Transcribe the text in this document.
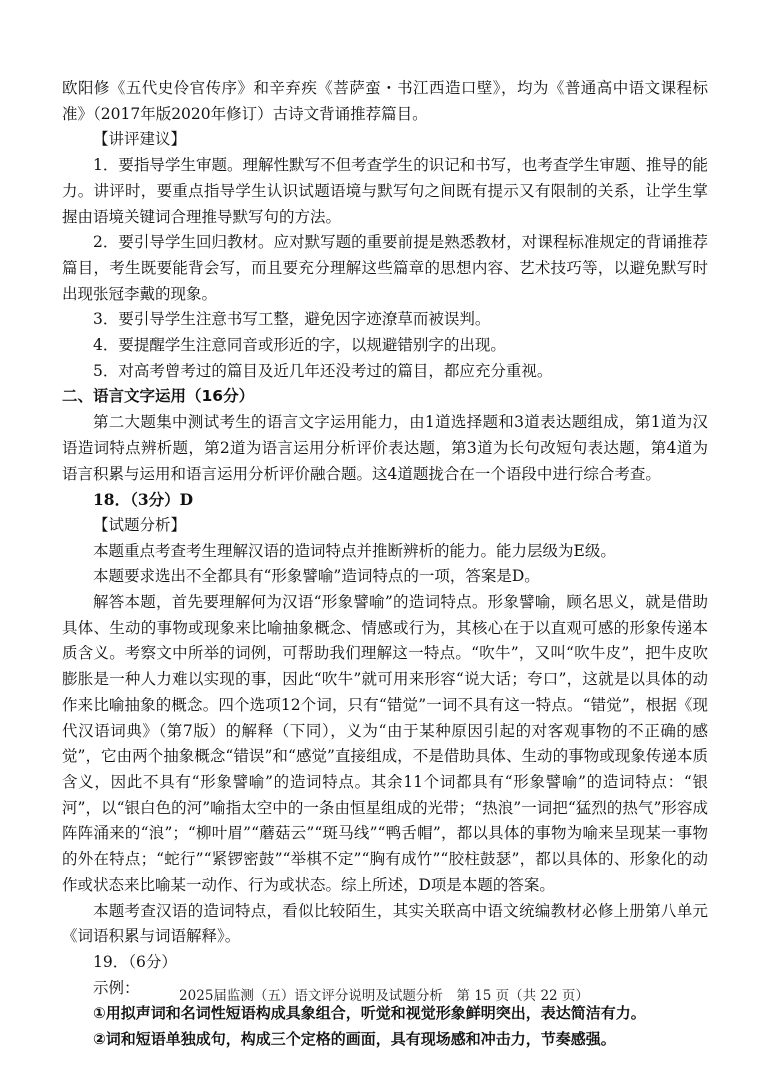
欧阳修《五代史伶官传序》和辛弃疾《菩萨蛮・书江西造口壁》，均为《普通高中语文课程标准》（2017年版2020年修订）古诗文背诵推荐篇目。

【讲评建议】

1．要指导学生审题。理解性默写不但考查学生的识记和书写，也考查学生审题、推导的能力。讲评时，要重点指导学生认识试题语境与默写句之间既有提示又有限制的关系，让学生掌握由语境关键词合理推导默写句的方法。

2．要引导学生回归教材。应对默写题的重要前提是熟悉教材，对课程标准规定的背诵推荐篇目，考生既要能背会写，而且要充分理解这些篇章的思想内容、艺术技巧等，以避免默写时出现张冠李戴的现象。

3．要引导学生注意书写工整，避免因字迹潦草而被误判。

4．要提醒学生注意同音或形近的字，以规避错别字的出现。

5．对高考曾考过的篇目及近几年还没考过的篇目，都应充分重视。

二、语言文字运用（16分）

第二大题集中测试考生的语言文字运用能力，由1道选择题和3道表达题组成，第1道为汉语造词特点辨析题，第2道为语言运用分析评价表达题，第3道为长句改短句表达题，第4道为语言积累与运用和语言运用分析评价融合题。这4道题拢合在一个语段中进行综合考查。

18．（3分）D

【试题分析】

本题重点考查考生理解汉语的造词特点并推断辨析的能力。能力层级为E级。

本题要求选出不全都具有“形象譬喻”造词特点的一项，答案是D。

解答本题，首先要理解何为汉语“形象譬喻”的造词特点。形象譬喻，顾名思义，就是借助具体、生动的事物或现象来比喻抽象概念、情感或行为，其核心在于以直观可感的形象传递本质含义。考察文中所举的词例，可帮助我们理解这一特点。“吹牛”，又叫“吹牛皮”，把牛皮吹膨胀是一种人力难以实现的事，因此“吹牛”就可用来形容“说大话；夸口”，这就是以具体的动作来比喻抽象的概念。四个选项12个词，只有“错觉”一词不具有这一特点。“错觉”，根据《现代汉语词典》（第7版）的解释（下同），义为“由于某种原因引起的对客观事物的不正确的感觉”，它由两个抽象概念“错误”和“感觉”直接组成，不是借助具体、生动的事物或现象传递本质含义，因此不具有“形象譬喻”的造词特点。其余11个词都具有“形象譬喻”的造词特点：“银河”，以“银白色的河”喻指太空中的一条由恒星组成的光带；“热浪”一词把“猛烈的热气”形容成阵阵涌来的“浪”；“柳叶眉”“蘑菇云”“斑马线”“鸭舌帽”，都以具体的事物为喻来呈现某一事物的外在特点；“蛇行”“紧锣密鼓”“举棋不定”“胸有成竹”“胶柱鼓瑟”，都以具体的、形象化的动作或状态来比喻某一动作、行为或状态。综上所述，D项是本题的答案。

本题考查汉语的造词特点，看似比较陌生，其实关联高中语文统编教材必修上册第八单元《词语积累与词语解释》。

19．（6分）

示例：

①用拟声词和名词性短语构成具象组合，听觉和视觉形象鲜明突出，表达简洁有力。

②词和短语单独成句，构成三个定格的画面，具有现场感和冲击力，节奏感强。

2025届监测（五）语文评分说明及试题分析　第 15 页（共 22 页）
